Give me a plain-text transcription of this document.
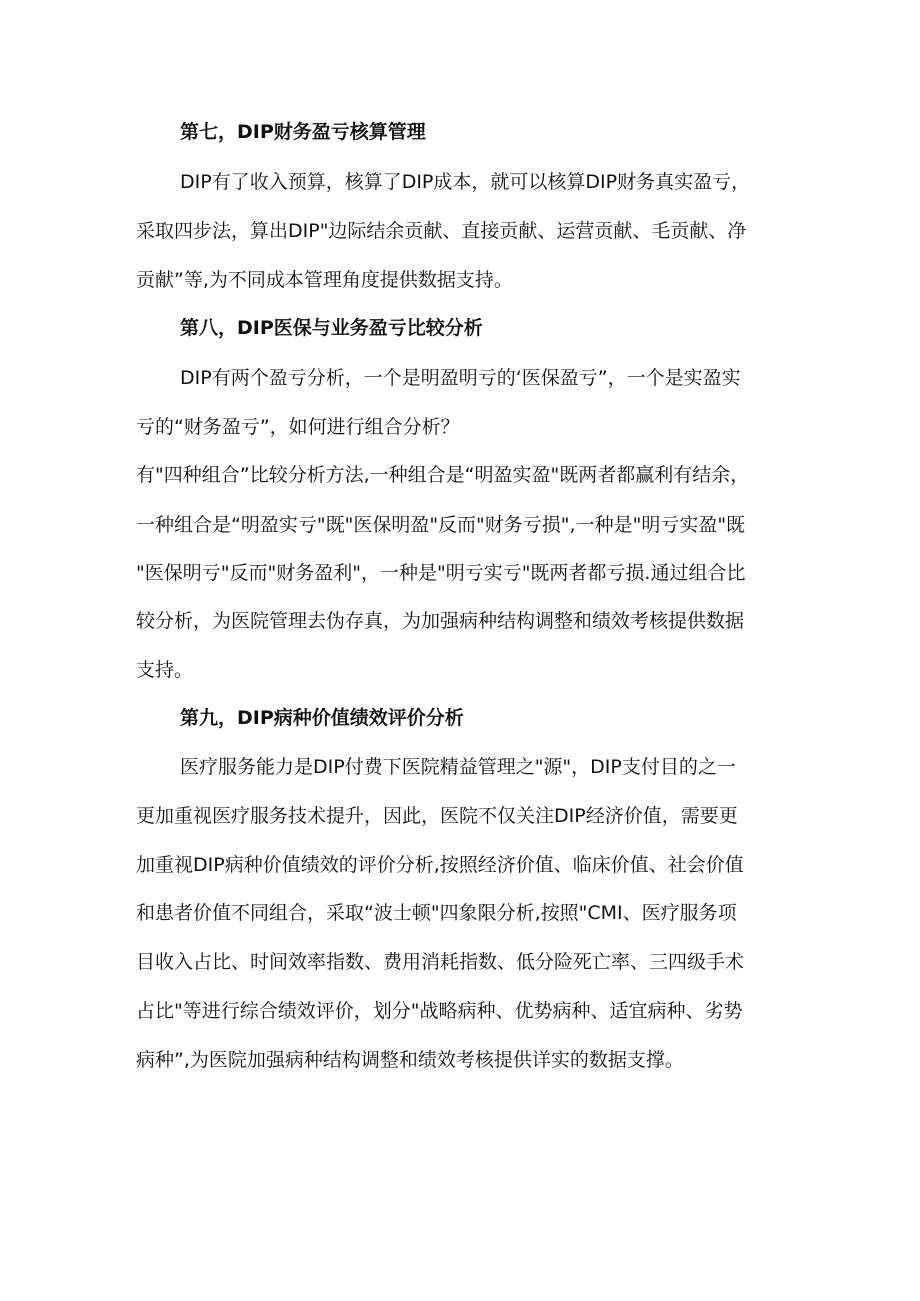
第七，DIP财务盈亏核算管理
DIP有了收入预算，核算了DIP成本，就可以核算DIP财务真实盈亏，
采取四步法，算出DIP"边际结余贡献、直接贡献、运营贡献、毛贡献、净
贡献”等,为不同成本管理角度提供数据支持。
第八，DIP医保与业务盈亏比较分析
DIP有两个盈亏分析，一个是明盈明亏的‘医保盈亏”，一个是实盈实
亏的“财务盈亏”，如何进行组合分析？
有"四种组合”比较分析方法,一种组合是“明盈实盈"既两者都赢利有结余，
一种组合是“明盈实亏"既"医保明盈"反而"财务亏损",一种是"明亏实盈"既
"医保明亏"反而"财务盈利"，一种是"明亏实亏"既两者都亏损.通过组合比
较分析，为医院管理去伪存真，为加强病种结构调整和绩效考核提供数据
支持。
第九，DIP病种价值绩效评价分析
医疗服务能力是DIP付费下医院精益管理之"源"，DIP支付目的之一
更加重视医疗服务技术提升，因此，医院不仅关注DIP经济价值，需要更
加重视DIP病种价值绩效的评价分析,按照经济价值、临床价值、社会价值
和患者价值不同组合，采取“波士顿"四象限分析,按照"CMI、医疗服务项
目收入占比、时间效率指数、费用消耗指数、低分险死亡率、三四级手术
占比"等进行综合绩效评价，划分"战略病种、优势病种、适宜病种、劣势
病种”,为医院加强病种结构调整和绩效考核提供详实的数据支撑。
